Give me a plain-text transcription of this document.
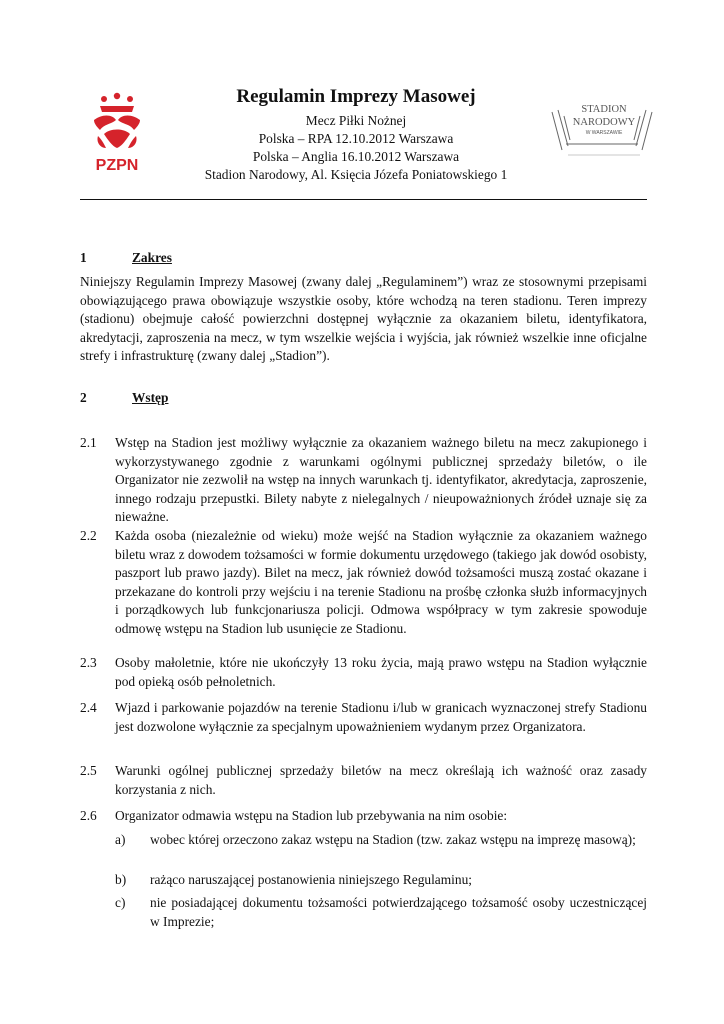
PZPN
STADION
NARODOWY
W WARSZAWIE
Regulamin Imprezy Masowej

Mecz Piłki Nożnej

Polska – RPA 12.10.2012 Warszawa

Polska – Anglia 16.10.2012 Warszawa

Stadion Narodowy, Al. Księcia Józefa Poniatowskiego 1

1	Zakres

Niniejszy Regulamin Imprezy Masowej (zwany dalej „Regulaminem”) wraz ze stosownymi przepisami obowiązującego prawa obowiązuje wszystkie osoby, które wchodzą na teren stadionu. Teren imprezy (stadionu) obejmuje całość powierzchni dostępnej wyłącznie za okazaniem biletu, identyfikatora, akredytacji, zaproszenia na mecz, w tym wszelkie wejścia i wyjścia, jak również wszelkie inne oficjalne strefy i infrastrukturę (zwany dalej „Stadion”).

2	Wstęp
2.1 Wstęp na Stadion jest możliwy wyłącznie za okazaniem ważnego biletu na mecz zakupionego i wykorzystywanego zgodnie z warunkami ogólnymi publicznej sprzedaży biletów, o ile Organizator nie zezwolił na wstęp na innych warunkach tj. identyfikator, akredytacja, zaproszenie, innego rodzaju przepustki. Bilety nabyte z nielegalnych / nieupoważnionych źródeł uznaje się za nieważne.
2.2 Każda osoba (niezależnie od wieku) może wejść na Stadion wyłącznie za okazaniem ważnego biletu wraz z dowodem tożsamości w formie dokumentu urzędowego (takiego jak dowód osobisty, paszport lub prawo jazdy). Bilet na mecz, jak również dowód tożsamości muszą zostać okazane i przekazane do kontroli przy wejściu i na terenie Stadionu na prośbę członka służb informacyjnych i porządkowych lub funkcjonariusza policji. Odmowa współpracy w tym zakresie spowoduje odmowę wstępu na Stadion lub usunięcie ze Stadionu.
2.3 Osoby małoletnie, które nie ukończyły 13 roku życia, mają prawo wstępu na Stadion wyłącznie pod opieką osób pełnoletnich.
2.4 Wjazd i parkowanie pojazdów na terenie Stadionu i/lub w granicach wyznaczonej strefy Stadionu jest dozwolone wyłącznie za specjalnym upoważnieniem wydanym przez Organizatora.
2.5 Warunki ogólnej publicznej sprzedaży biletów na mecz określają ich ważność oraz zasady korzystania z nich.
2.6 Organizator odmawia wstępu na Stadion lub przebywania na nim osobie:
a) wobec której orzeczono zakaz wstępu na Stadion (tzw. zakaz wstępu na imprezę masową);
b) rażąco naruszającej postanowienia niniejszego Regulaminu;
c) nie posiadającej dokumentu tożsamości potwierdzającego tożsamość osoby uczestniczącej w Imprezie;
